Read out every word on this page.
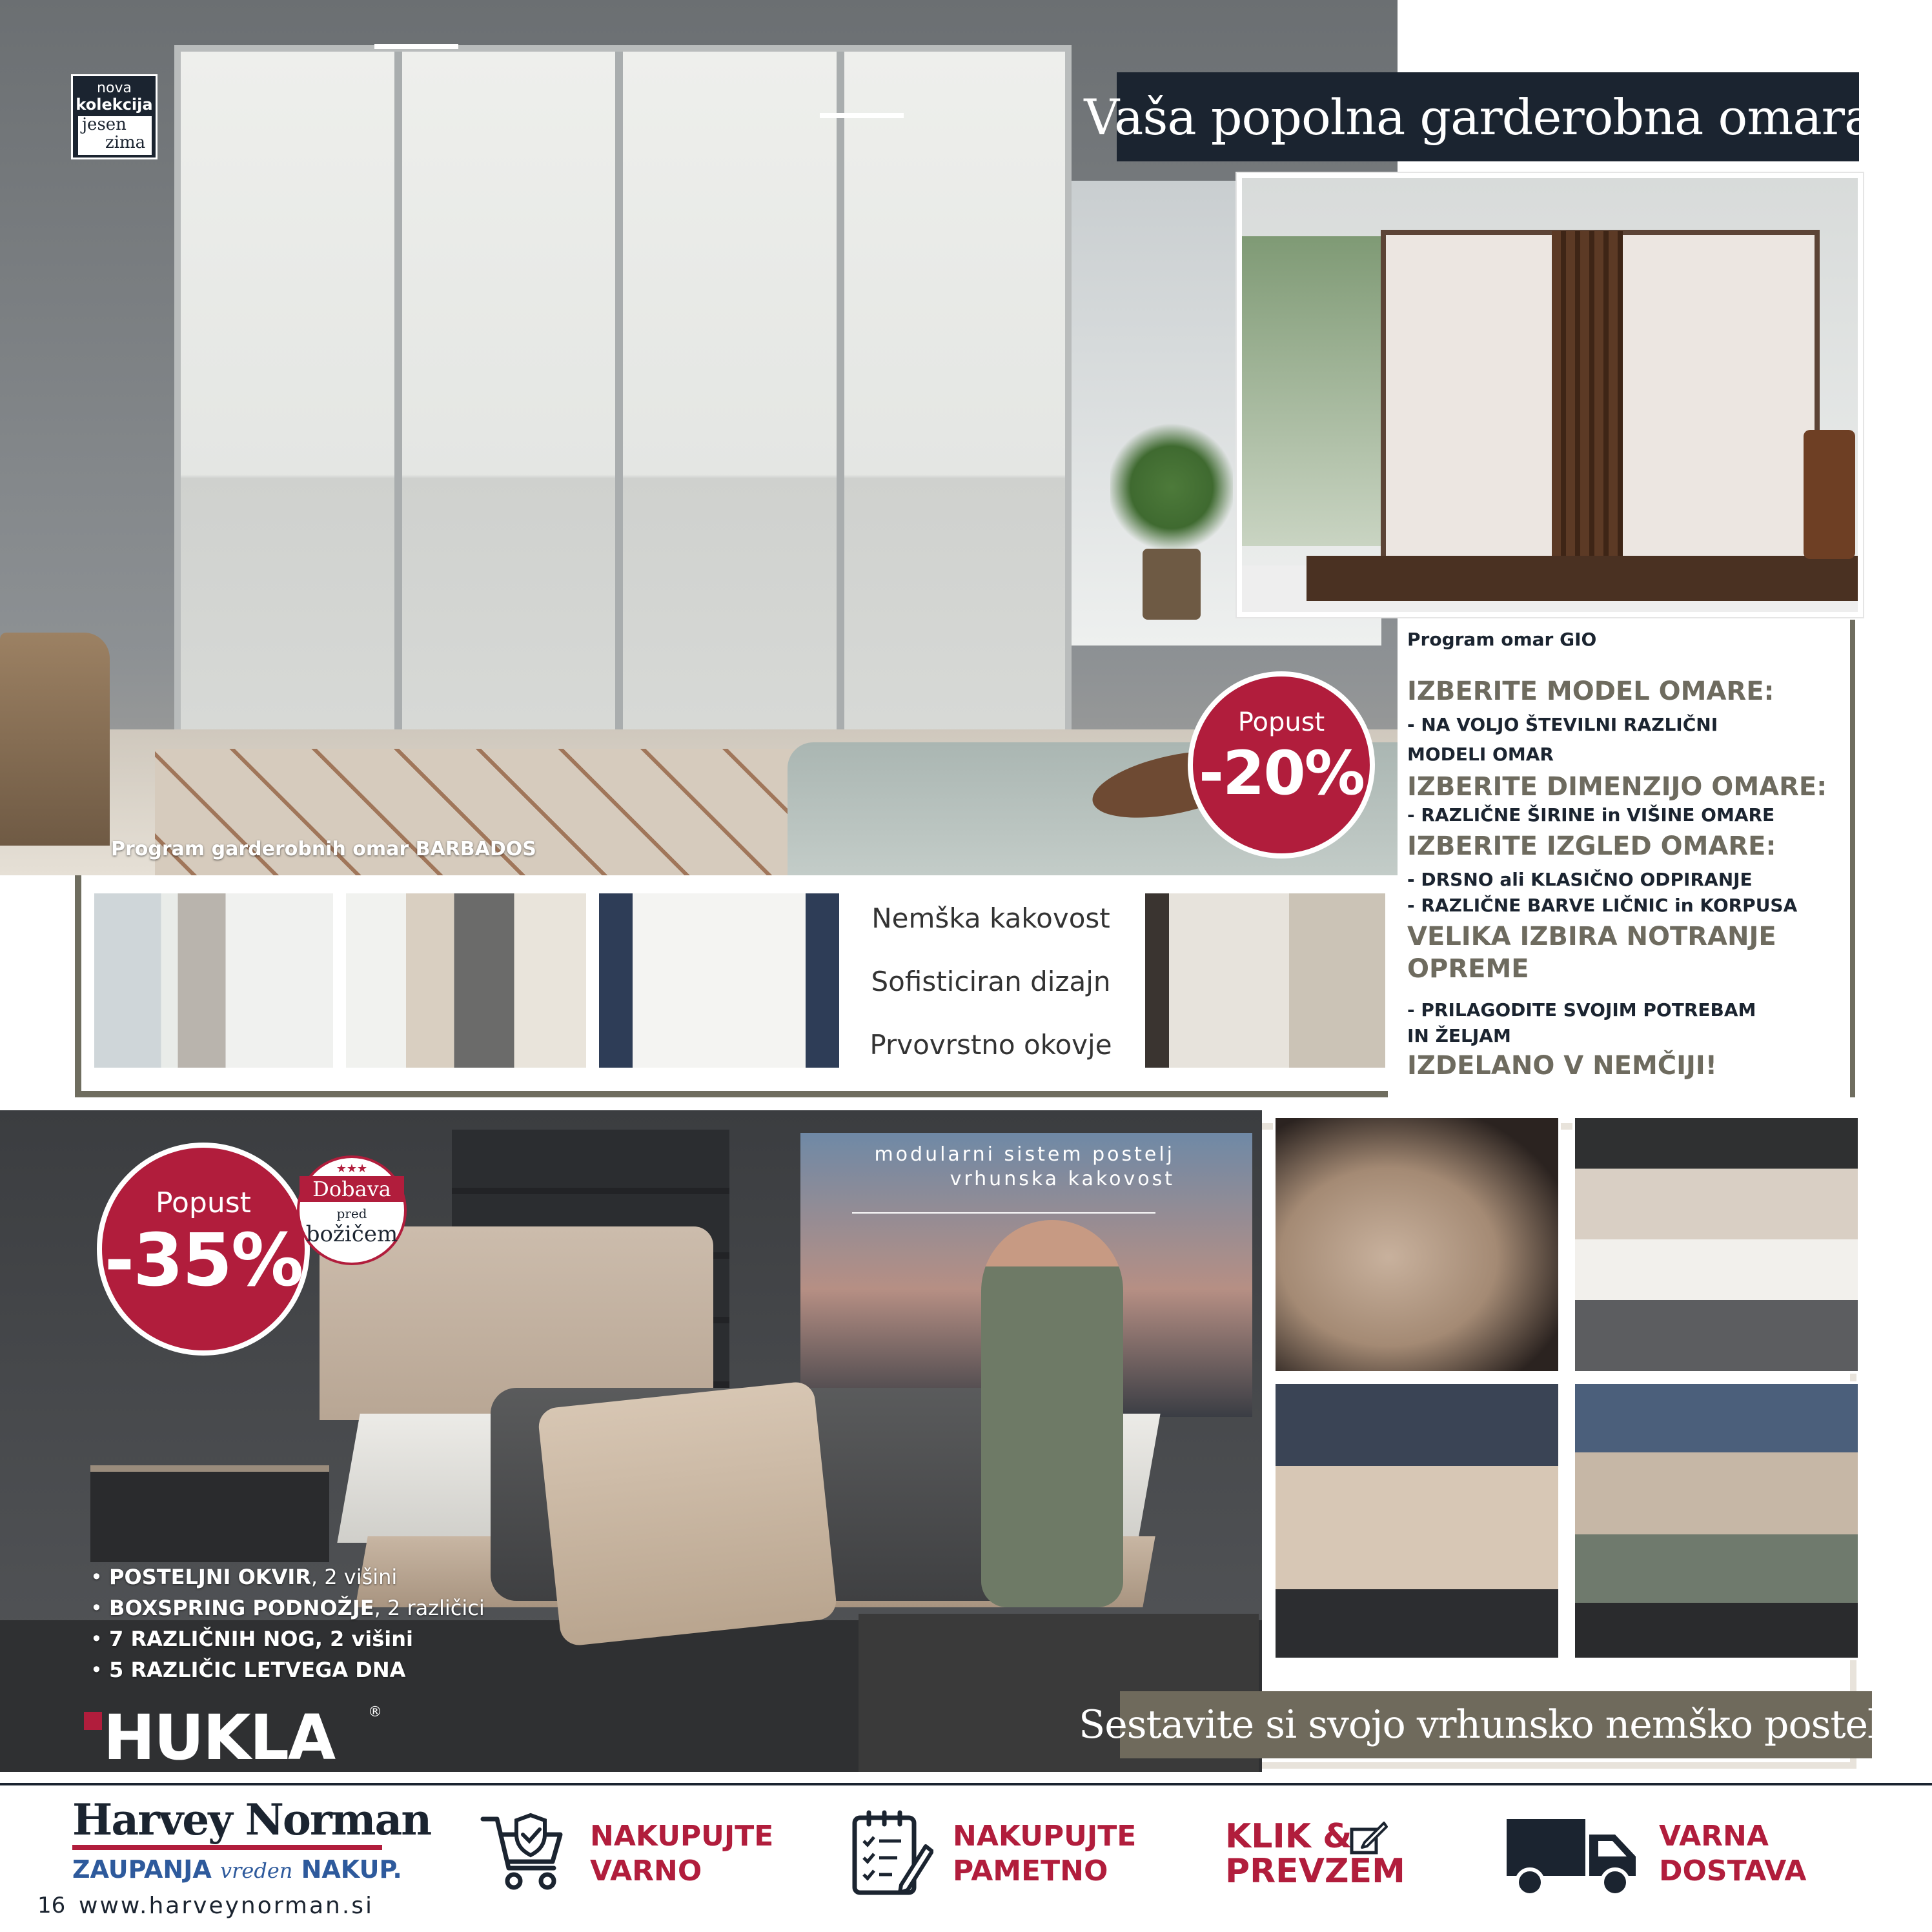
nova
kolekcija
jesen
zima
Program garderobnih omar BARBADOS
Vaša popolna garderobna omara!
Program omar GIO
IZBERITE MODEL OMARE:
- NA VOLJO ŠTEVILNI RAZLIČNI
MODELI OMAR
IZBERITE DIMENZIJO OMARE:
- RAZLIČNE ŠIRINE in VIŠINE OMARE
IZBERITE IZGLED OMARE:
- DRSNO ali KLASIČNO ODPIRANJE
- RAZLIČNE BARVE LIČNIC in KORPUSA
VELIKA IZBIRA NOTRANJE
OPREME
- PRILAGODITE SVOJIM POTREBAM
IN ŽELJAM
IZDELANO V NEMČIJI!
Popust
-20%
Nemška kakovost
Sofisticiran dizajn
Prvovrstno okovje
Popust
-35%
★★★
Dobava
pred
božičem
modularni sistem postelj
vrhunska kakovost
• POSTELJNI OKVIR, 2 višini
• BOXSPRING PODNOŽJE, 2 različici
• 7 RAZLIČNIH NOG, 2 višini
• 5 RAZLIČIC LETVEGA DNA
HUKLA ®	Sestavite si svojo vrhunsko nemško posteljo
Harvey Norman
ZAUPANJA vreden NAKUP.
16 www.harveynorman.si
NAKUPUJTE
VARNO
NAKUPUJTE
PAMETNO
KLIK &
PREVZEM
VARNA
DOSTAVA
